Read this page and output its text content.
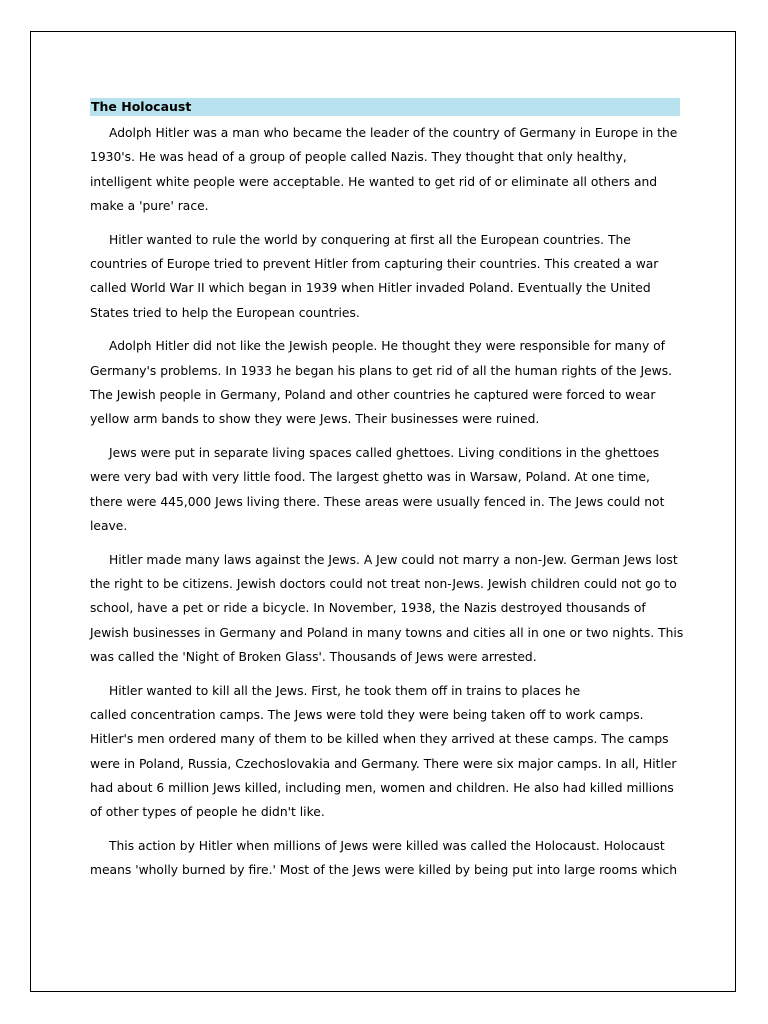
The Holocaust

Adolph Hitler was a man who became the leader of the country of Germany in Europe in the
1930's. He was head of a group of people called Nazis. They thought that only healthy,
intelligent white people were acceptable. He wanted to get rid of or eliminate all others and
make a 'pure' race.

Hitler wanted to rule the world by conquering at first all the European countries. The
countries of Europe tried to prevent Hitler from capturing their countries. This created a war
called World War II which began in 1939 when Hitler invaded Poland. Eventually the United
States tried to help the European countries.

Adolph Hitler did not like the Jewish people. He thought they were responsible for many of
Germany's problems. In 1933 he began his plans to get rid of all the human rights of the Jews.
The Jewish people in Germany, Poland and other countries he captured were forced to wear
yellow arm bands to show they were Jews. Their businesses were ruined.

Jews were put in separate living spaces called ghettoes. Living conditions in the ghettoes
were very bad with very little food. The largest ghetto was in Warsaw, Poland. At one time,
there were 445,000 Jews living there. These areas were usually fenced in. The Jews could not
leave.

Hitler made many laws against the Jews. A Jew could not marry a non-Jew. German Jews lost
the right to be citizens. Jewish doctors could not treat non-Jews. Jewish children could not go to
school, have a pet or ride a bicycle. In November, 1938, the Nazis destroyed thousands of
Jewish businesses in Germany and Poland in many towns and cities all in one or two nights. This
was called the 'Night of Broken Glass'. Thousands of Jews were arrested.

Hitler wanted to kill all the Jews. First, he took them off in trains to places he
called concentration camps. The Jews were told they were being taken off to work camps.
Hitler's men ordered many of them to be killed when they arrived at these camps. The camps
were in Poland, Russia, Czechoslovakia and Germany. There were six major camps. In all, Hitler
had about 6 million Jews killed, including men, women and children. He also had killed millions
of other types of people he didn't like.

This action by Hitler when millions of Jews were killed was called the Holocaust. Holocaust
means 'wholly burned by fire.' Most of the Jews were killed by being put into large rooms which
